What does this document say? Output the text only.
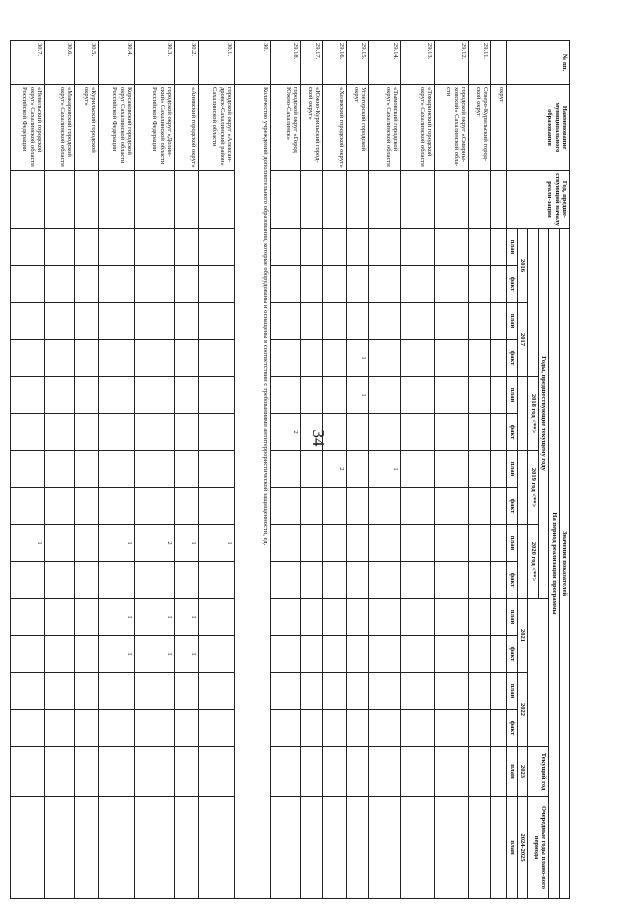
34
№ пп.	Наименование муниципального образования	Год, предше-ствующий началу реали-зации	Значения показателей															
			На период реализации программы															
			Годы, предшествующие текущему году														Текущий год	Очередные годы плано-вого периода
							2018 год <**>		2019 год <**>		2020 год <**>							
			2016		2017								2021		2022		2023	2024-2025
			план	факт	план	факт	план	факт	план	факт	план	факт	план	факт	план	факт	план	план
	округ																	
29.11.	Северо-Курильский город-ской округ																	
29.12.	городской округ «Смирны-ховский» Сахалинской обла-сти																	
29.13.	«Томаринский городской округ» Сахалинской области																	
29.14.	«Тымовский городской округ» Сахалинской области								1									
29.15.	Углегорский городской округ					1	1											
29.16.	«Холмский городской округ»								2									
29.17.	«Южно-Курильский город-ской округ»																	
29.18.	городской округ «Город Южно-Сахалинск»							2										
30.	Количество учреждений дополнительного образования, которые оборудованы и оснащены в соответствии с требованиями антитеррористической защищенности, ед.																	
30.1.	городской округ «Алексан-дровск-Сахалинский район» Сахалинской области										1							
30.2.	«Анивский городской округ»										1		1	1				
30.3.	городской округ «Долин-ский» Сахалинской области Российской Федерации										2		1	1				
30.4.	Корсаковский городской округ Сахалинской области Российской Федерации										1		1	1				
30.5.	«Курильский городской округ»																	
30.6.	«Макаровский городской округ» Сахалинской области																	
30.7.	«Невельский городской округ» Сахалинской области Российской Федерации										1							
